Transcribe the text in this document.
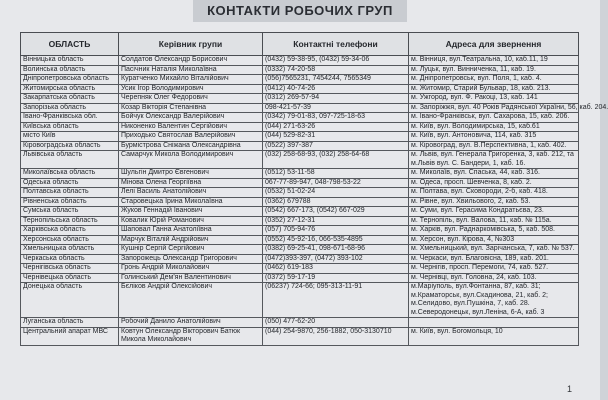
КОНТАКТИ РОБОЧИХ ГРУП
ОБЛАСТЬ	Керівник групи	Контактні телефони	Адреса для звернення
Вінницька область	Солдатов Олександр Борисович	(0432) 59-38-95, (0432) 59-34-06	м. Вінниця, вул.Театральна, 10, каб.11, 19
Волинська область	Пасічник Наталія Миколаївна	(0332) 74-20-58	м. Луцьк, вул. Винниченка, 11, каб. 19.
Дніпропетровська область	Куратченко Михайло Віталійович	(056)7565231, 7454244, 7565349	м. Дніпропетровськ, вул. Поля, 1, каб. 4.
Житомирська область	Усик Ігор Володимирович	(0412) 40-74-26	м. Житомир, Старий Бульвар, 18, каб. 213.
Закарпатська область	Черепняк Олег Федорович	(0312) 269-57-94	м. Ужгород, вул. Ф. Ракоці, 13, каб. 141
Запорізька область	Козар Вікторія Степанівна	098-421-57-39	м. Запоріжжя, вул. 40 Років Радянської України, 56, каб. 204.
Івано-Франківська обл.	Бойчук Олександр Валерійович	(0342) 79-01-83, 097-725-18-63	м. Івано-Франківськ, вул. Сахарова, 15, каб. 206.
Київська область	Никоненко Валентин Сергійович	(044) 271-63-26	м. Київ, вул. Володимирська, 15, каб.61
місто Київ	Приходько Святослав Валерійович	(044) 529-82-31	м. Київ, вул. Антоновича, 114, каб. 315
Кіровоградська область	Бурмістрова Сніжана Олександрівна	(0522) 397-387	м. Кіровоград, вул. В.Перспективна, 1, каб. 402.
Львівська область	Самарчук Микола Володимирович	(032) 258-68-93, (032) 258-64-68	м. Львів, вул. Генерала Григоренка, 3, каб. 212, та м.Львів вул. С. Бандери, 1, каб. 16.
Миколаївська область	Шульгін Дмитро Євгенович	(0512) 53-11-58	м. Миколаїв, вул. Спаська, 44, каб. 316.
Одеська область	Мінова Олена Георгіївна	067-77-89-947, 048-798-53-22	м. Одеса, просп. Шевченка, 8, каб. 2.
Полтавська область	Лелі Василь Анатолійович	(0532) 51-02-24	м. Полтава, вул. Сковороди, 2-б, каб. 418.
Рівненська область	Старовецька Ірина Миколаївна	(0362) 679788	м. Рівне, вул. Хвильового, 2, каб. 53.
Сумська область	Жуков Геннадій Іванович	(0542) 667-173, (0542) 667-029	м. Суми, вул. Герасима Кондратьєва, 23.
Тернопільська область	Ковалик Юрій Романович	(0352) 27-12-31	м. Тернопіль, вул. Валова, 11, каб. № 115а.
Харківська область	Шаповал Ганна Анатоліївна	(057) 705-94-76	м. Харків, вул. Раднаркомівська, 5, каб. 508.
Херсонська область	Марчук Віталій Андрійович	(0552) 45-92-16, 066-535-4895	м. Херсон, вул. Кірова, 4, №303
Хмельницька область	Кушнір Сергій Сергійович	(0382) 69-25-41, 098-671-68-96	м. Хмельницький, вул. Зарічанська, 7, каб. № 537.
Черкаська область	Запорожець Олександр Григорович	(0472)393-397, (0472) 393-102	м. Черкаси, вул. Благовісна, 189, каб. 201.
Чернігівська область	Гронь Андрій Миколайович	(0462) 619-183	м. Чернігів, просп. Перемоги, 74, каб. 527.
Чернівецька область	Голинський Дем'ян Валентинович	(0372) 59-17-19	м. Чернівці, вул. Головна, 24, каб. 103.
Донецька область	Бєліков Андрій Олексійович	(06237) 724-66; 095-313-11-91	м.Маріуполь, вул.Фонтанна, 87, каб. 31; м.Краматорськ, вул.Скадинова, 21, каб. 2; м.Селидово, вул.Пушкіна, 7, каб. 28. м.Северодонецьк, вул.Леніна, 6-А, каб. 3
Луганська область	Робочий Данило Анатолійович	(050) 477-62-20	
Центральний апарат МВС	Ковтун Олександр Вікторович Батюк Микола Миколайович	(044) 254-9870, 256-1882, 050-3130710	м. Київ, вул. Богомольця, 10
1
